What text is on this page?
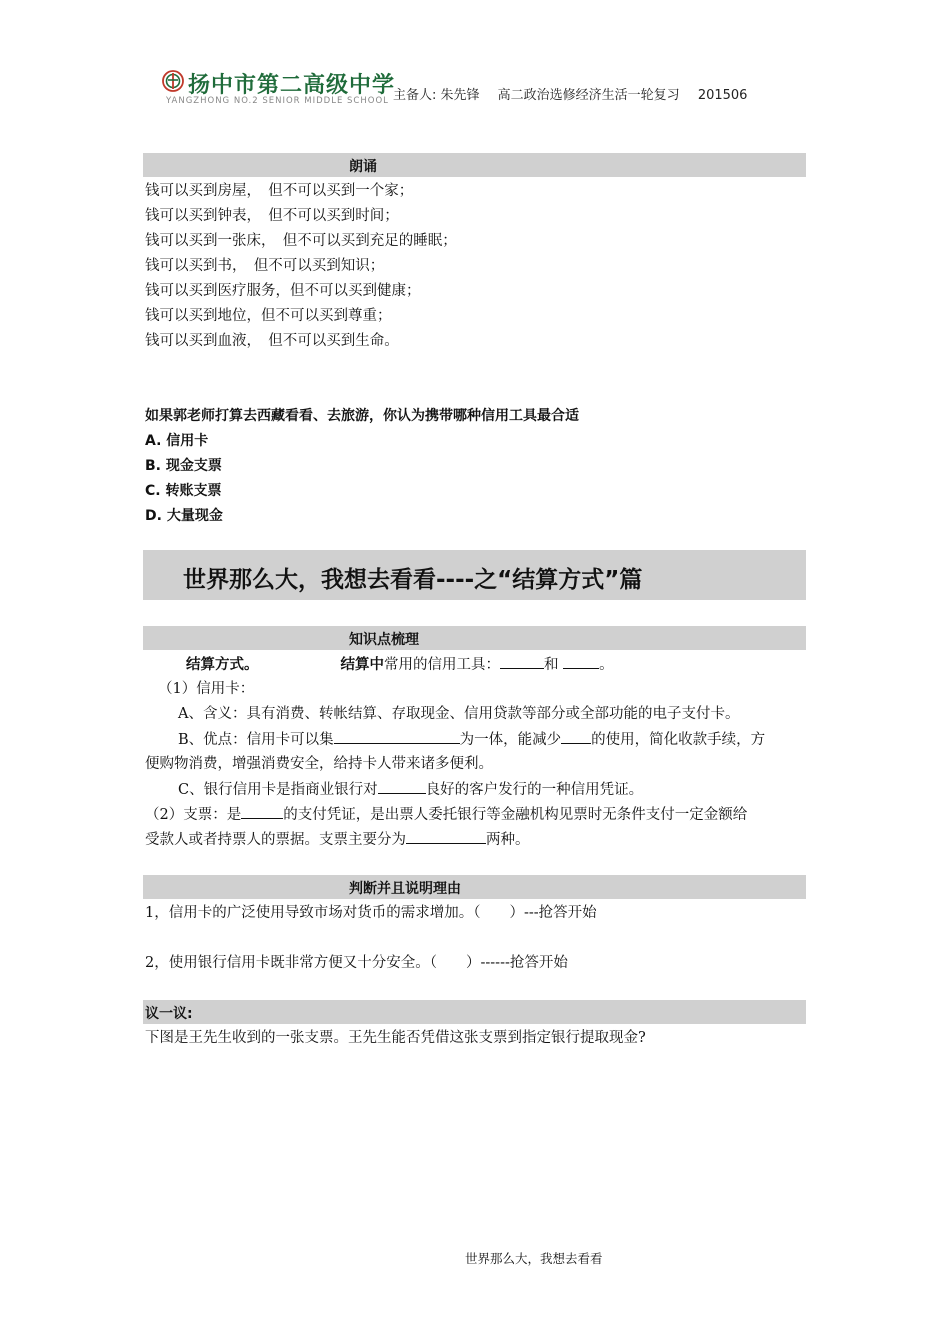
扬中市第二高级中学
YANGZHONG NO.2 SENIOR MIDDLE SCHOOL 主备人: 朱先锋 高二政治选修经济生活一轮复习 201506
朗诵
钱可以买到房屋，　但不可以买到一个家；
钱可以买到钟表，　但不可以买到时间；
钱可以买到一张床，　但不可以买到充足的睡眠；
钱可以买到书，　但不可以买到知识；
钱可以买到医疗服务，但不可以买到健康；
钱可以买到地位，但不可以买到尊重；
钱可以买到血液，　但不可以买到生命。
如果郭老师打算去西藏看看、去旅游，你认为携带哪种信用工具最合适
A. 信用卡
B. 现金支票
C. 转账支票
D. 大量现金
世界那么大，我想去看看----之“结算方式”篇
知识点梳理
结算方式。	结算中常用的信用工具：	和	。
（1）信用卡：
A、含义：具有消费、转帐结算、存取现金、信用贷款等部分或全部功能的电子支付卡。
B、优点：信用卡可以集	为一体，能减少 的使用，简化收款手续，方
便购物消费，增强消费安全，给持卡人带来诸多便利。
C、银行信用卡是指商业银行对	良好的客户发行的一种信用凭证。
（2）支票：是	的支付凭证，是出票人委托银行等金融机构见票时无条件支付一定金额给
受款人或者持票人的票据。支票主要分为	两种。
判断并且说明理由
1，信用卡的广泛使用导致市场对货币的需求增加。（　　）---抢答开始
2，使用银行信用卡既非常方便又十分安全。（　　）------抢答开始
议一议:
下图是王先生收到的一张支票。王先生能否凭借这张支票到指定银行提取现金?
世界那么大，我想去看看
